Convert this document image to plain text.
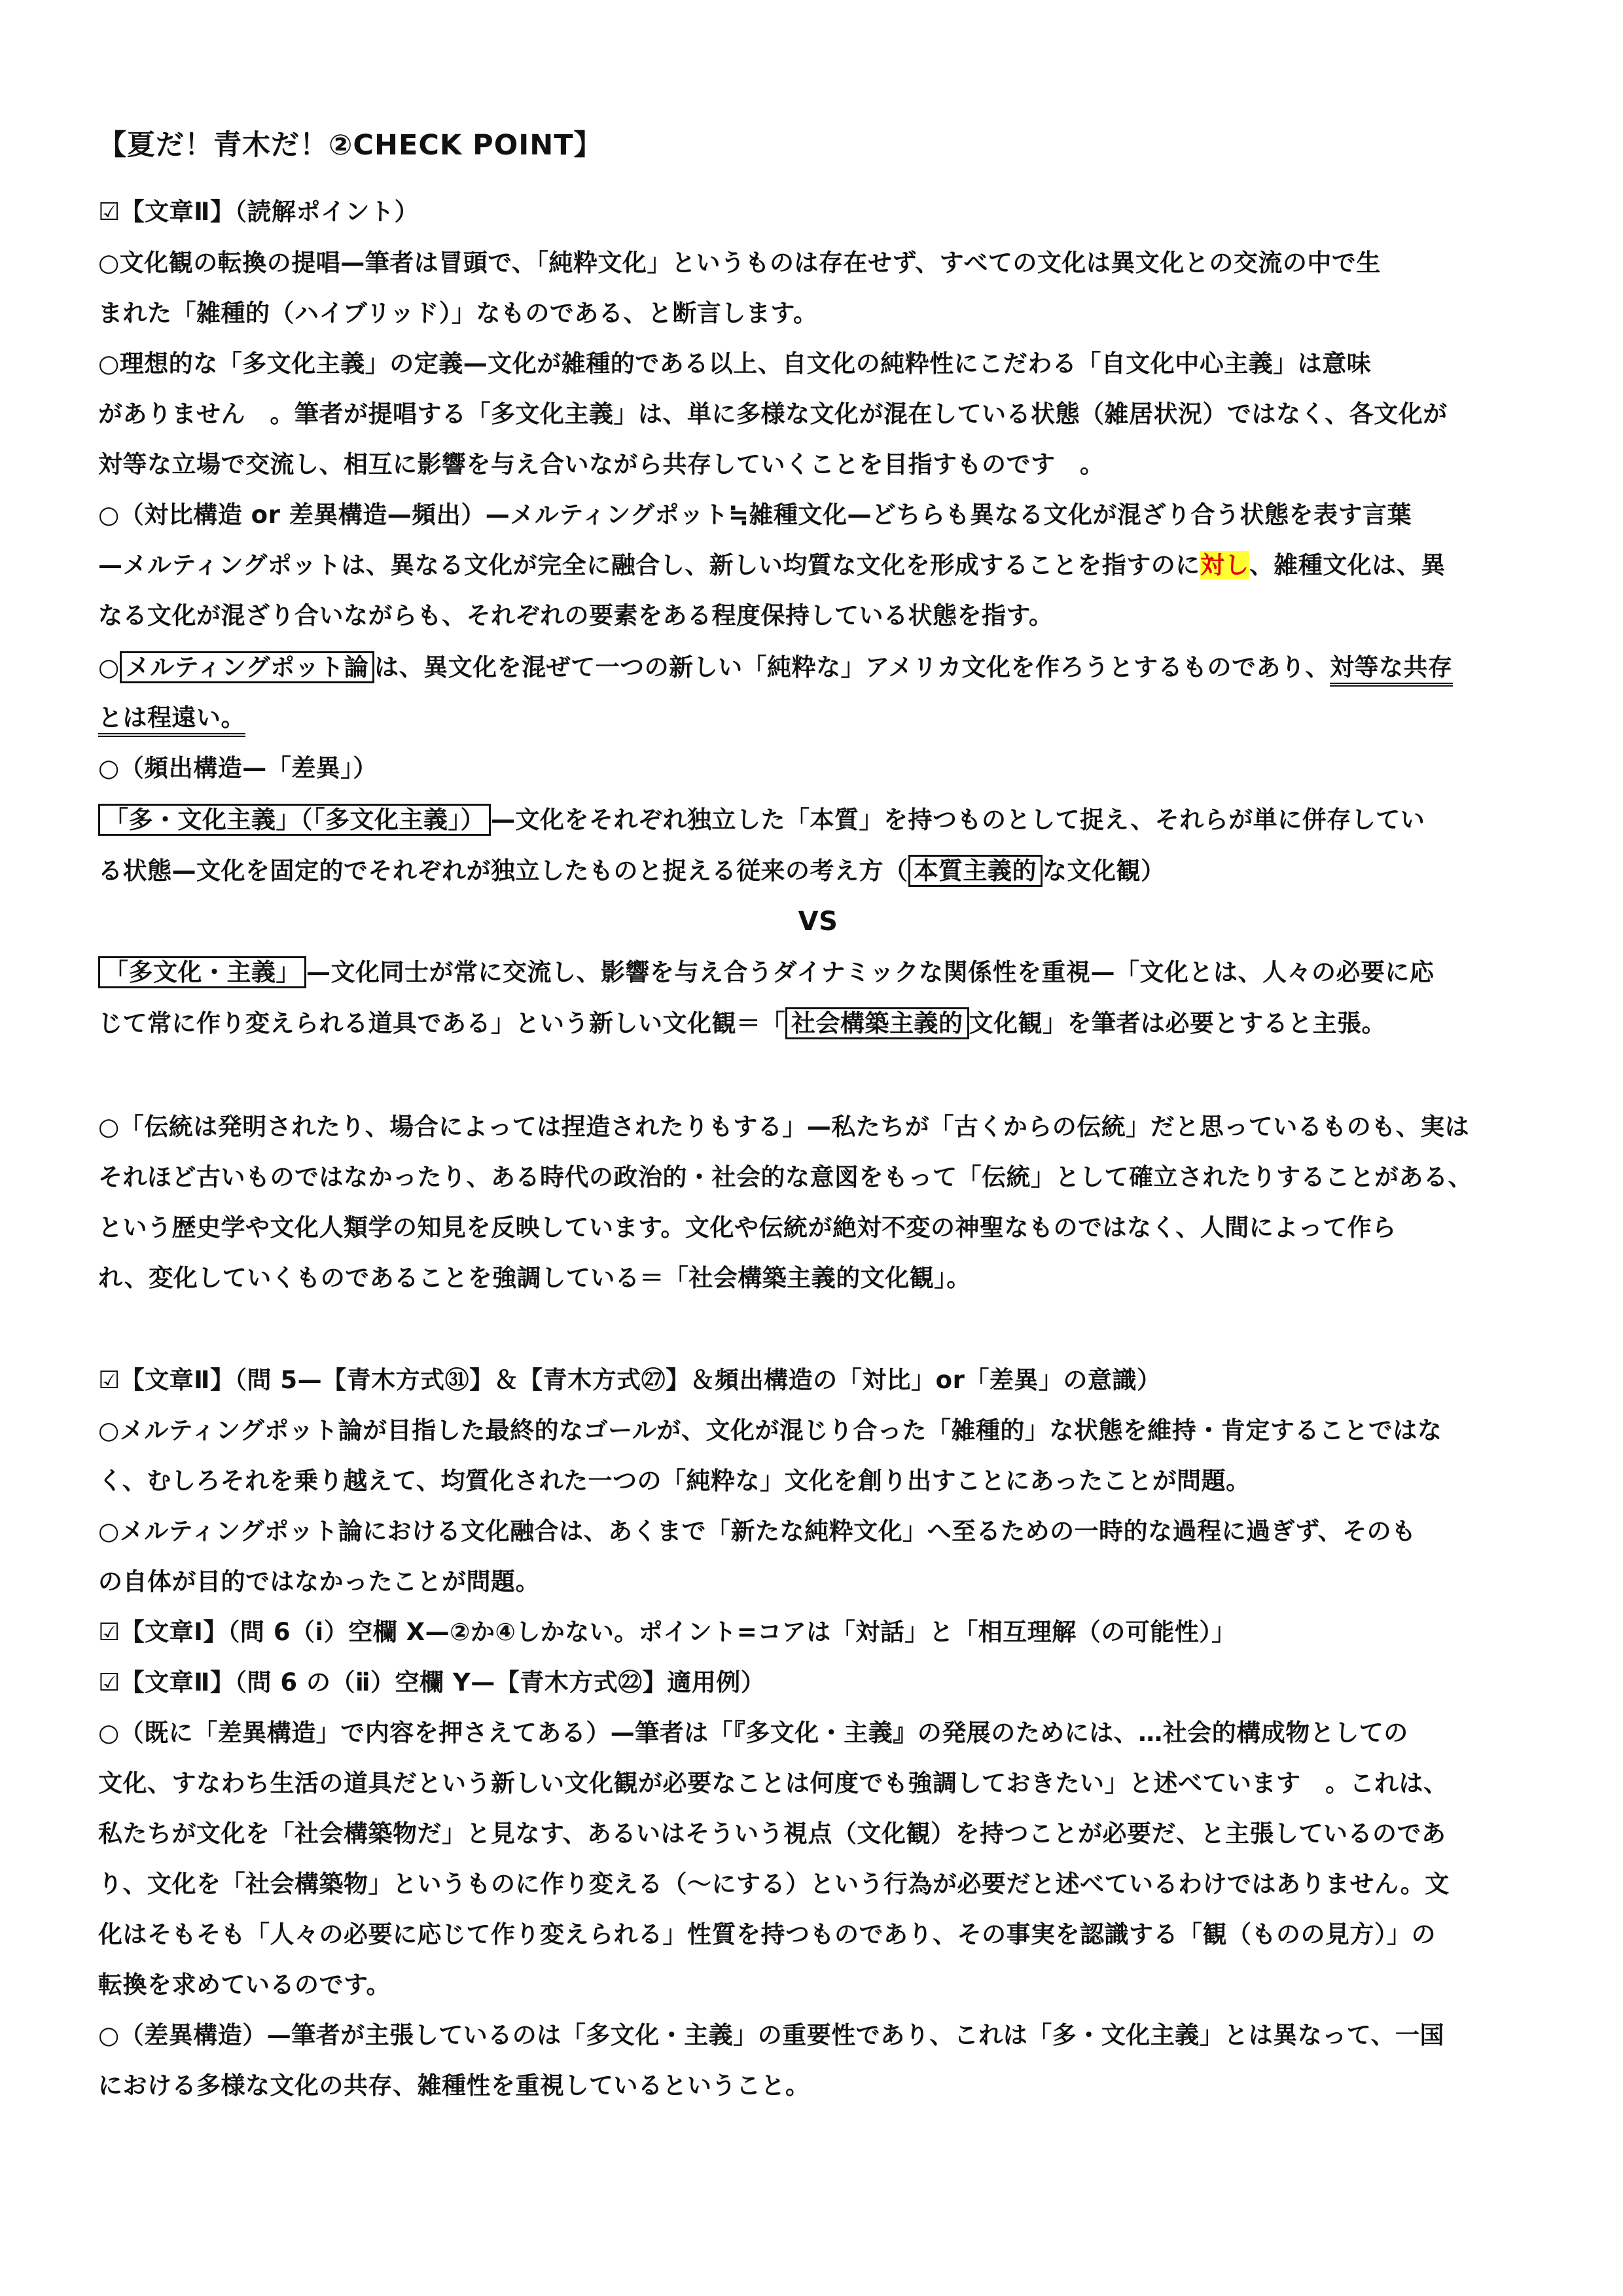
【夏だ！青木だ！②CHECK POINT】
☑【文章Ⅱ】（読解ポイント）
○文化観の転換の提唱—筆者は冒頭で、「純粋文化」というものは存在せず、すべての文化は異文化との交流の中で生
まれた「雑種的（ハイブリッド）」なものである、と断言します。
○理想的な「多文化主義」の定義—文化が雑種的である以上、自文化の純粋性にこだわる「自文化中心主義」は意味
がありません　。筆者が提唱する「多文化主義」は、単に多様な文化が混在している状態（雑居状況）ではなく、各文化が
対等な立場で交流し、相互に影響を与え合いながら共存していくことを目指すものです　。
○（対比構造 or 差異構造—頻出）—メルティングポット≒雑種文化—どちらも異なる文化が混ざり合う状態を表す言葉
—メルティングポットは、異なる文化が完全に融合し、新しい均質な文化を形成することを指すのに対し、雑種文化は、異
なる文化が混ざり合いながらも、それぞれの要素をある程度保持している状態を指す。
○ メルティングポット論 は、異文化を混ぜて一つの新しい「純粋な」アメリカ文化を作ろうとするものであり、対等な共存
とは程遠い。
○（頻出構造—「差異」）
「多・文化主義」（「多文化主義」） —文化をそれぞれ独立した「本質」を持つものとして捉え、それらが単に併存してい
る状態—文化を固定的でそれぞれが独立したものと捉える従来の考え方（ 本質主義的 な文化観）
VS
「多文化・主義」 —文化同士が常に交流し、影響を与え合うダイナミックな関係性を重視—「文化とは、人々の必要に応
じて常に作り変えられる道具である」という新しい文化観＝「 社会構築主義的 文化観」を筆者は必要とすると主張。
○「伝統は発明されたり、場合によっては捏造されたりもする」—私たちが「古くからの伝統」だと思っているものも、実は
それほど古いものではなかったり、ある時代の政治的・社会的な意図をもって「伝統」として確立されたりすることがある、
という歴史学や文化人類学の知見を反映しています。文化や伝統が絶対不変の神聖なものではなく、人間によって作ら
れ、変化していくものであることを強調している＝「社会構築主義的文化観」。
☑【文章Ⅱ】（問 5—【青木方式㉛】＆【青木方式㉗】＆頻出構造の「対比」or「差異」の意識）
○メルティングポット論が目指した最終的なゴールが、文化が混じり合った「雑種的」な状態を維持・肯定することではな
く、むしろそれを乗り越えて、均質化された一つの「純粋な」文化を創り出すことにあったことが問題。
○メルティングポット論における文化融合は、あくまで「新たな純粋文化」へ至るための一時的な過程に過ぎず、そのも
の自体が目的ではなかったことが問題。
☑【文章Ⅰ】（問 6（ⅰ）空欄 X—②か④しかない。ポイント=コアは「対話」と「相互理解（の可能性）」
☑【文章Ⅱ】（問 6 の（ⅱ）空欄 Y—【青木方式㉒】適用例）
○（既に「差異構造」で内容を押さえてある）—筆者は「『多文化・主義』の発展のためには、…社会的構成物としての
文化、すなわち生活の道具だという新しい文化観が必要なことは何度でも強調しておきたい」と述べています　。これは、
私たちが文化を「社会構築物だ」と見なす、あるいはそういう視点（文化観）を持つことが必要だ、と主張しているのであ
り、文化を「社会構築物」というものに作り変える（〜にする）という行為が必要だと述べているわけではありません。文
化はそもそも「人々の必要に応じて作り変えられる」性質を持つものであり、その事実を認識する「観（ものの見方）」の
転換を求めているのです。
○（差異構造）—筆者が主張しているのは「多文化・主義」の重要性であり、これは「多・文化主義」とは異なって、一国
における多様な文化の共存、雑種性を重視しているということ。
